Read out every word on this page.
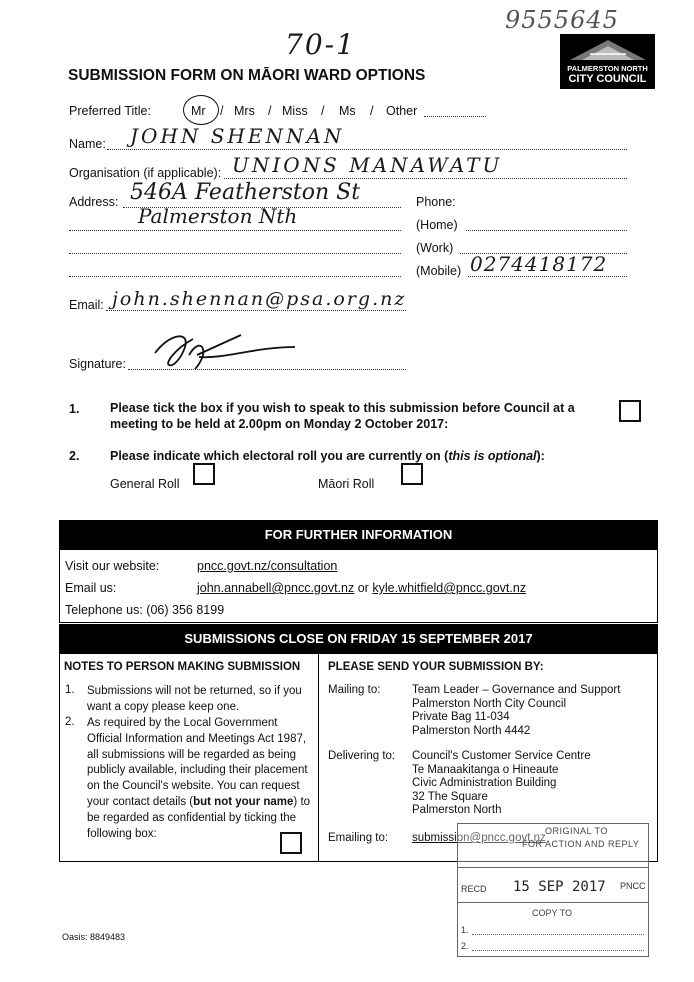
9555645
70-1
SUBMISSION FORM ON MĀORI WARD OPTIONS	PALMERSTON NORTH
CITY COUNCIL
Preferred Title:	Mr / Mrs / Miss / Ms / Other
Name: JOHN SHENNAN
Organisation (if applicable): UNIONS MANAWATU
Address: 546A Featherston St
Palmerston Nth
Phone:
(Home)
(Work)
(Mobile) 0274418172
Email: john.shennan@psa.org.nz
Signature:
1. Please tick the box if you wish to speak to this submission before Council at a meeting to be held at 2.00pm on Monday 2 October 2017:
2. Please indicate which electoral roll you are currently on (this is optional):
General Roll	Māori Roll
FOR FURTHER INFORMATION
Visit our website:	pncc.govt.nz/consultation
Email us:	john.annabell@pncc.govt.nz or kyle.whitfield@pncc.govt.nz
Telephone us: (06) 356 8199
SUBMISSIONS CLOSE ON FRIDAY 15 SEPTEMBER 2017
NOTES TO PERSON MAKING SUBMISSION
1. Submissions will not be returned, so if you
want a copy please keep one.
2. As required by the Local Government
Official Information and Meetings Act 1987,
all submissions will be regarded as being
publicly available, including their placement
on the Council's website. You can request
your contact details (but not your name) to
be regarded as confidential by ticking the
following box:
PLEASE SEND YOUR SUBMISSION BY:
Mailing to:	Team Leader – Governance and Support
Palmerston North City Council
Private Bag 11-034
Palmerston North 4442
Delivering to: Council's Customer Service Centre
Te Manaakitanga o Hineaute
Civic Administration Building
32 The Square
Palmerston North
Emailing to: submission@pncc.govt.nz
ORIGINAL TO
FOR ACTION AND REPLY
RECD 15 SEP 2017 PNCC
COPY TO
1.
2.
Oasis: 8849483
